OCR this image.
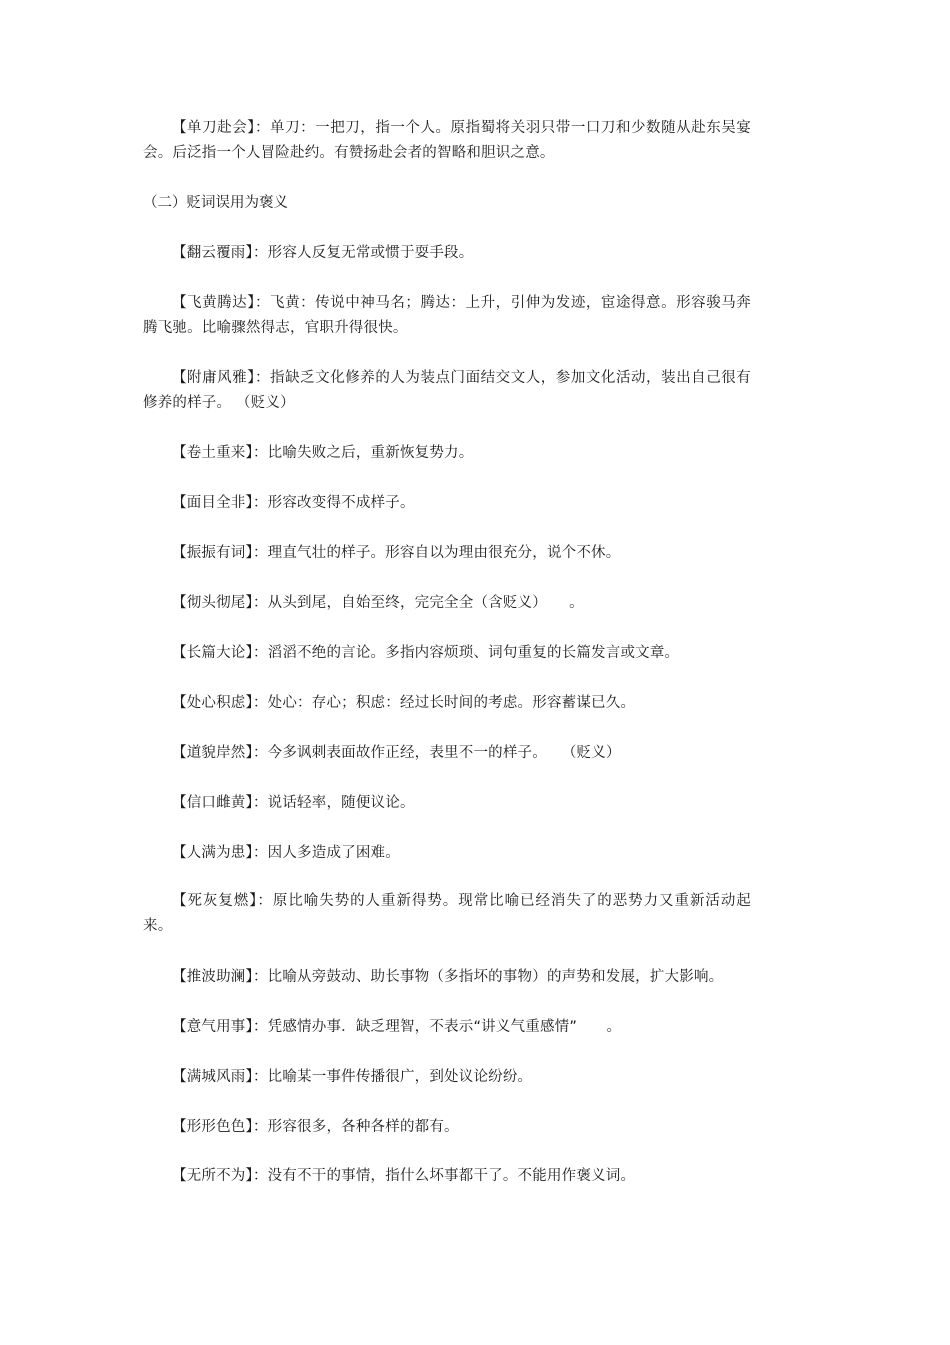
【单刀赴会】：单刀：一把刀，指一个人。原指蜀将关羽只带一口刀和少数随从赴东吴宴会。后泛指一个人冒险赴约。有赞扬赴会者的智略和胆识之意。

（二）贬词误用为褒义

【翻云覆雨】：形容人反复无常或惯于耍手段。

【飞黄腾达】：飞黄：传说中神马名；腾达：上升，引伸为发迹，宦途得意。形容骏马奔腾飞驰。比喻骤然得志，官职升得很快。

【附庸风雅】：指缺乏文化修养的人为装点门面结交文人，参加文化活动，装出自己很有修养的样子。 （贬义）

【卷土重来】：比喻失败之后，重新恢复势力。

【面目全非】：形容改变得不成样子。

【振振有词】：理直气壮的样子。形容自以为理由很充分，说个不休。

【彻头彻尾】：从头到尾，自始至终，完完全全（含贬义）　　。

【长篇大论】：滔滔不绝的言论。多指内容烦琐、词句重复的长篇发言或文章。

【处心积虑】：处心：存心；积虑：经过长时间的考虑。形容蓄谋已久。

【道貌岸然】：今多讽刺表面故作正经，表里不一的样子。　　（贬义）

【信口雌黄】：说话轻率，随便议论。

【人满为患】：因人多造成了困难。

【死灰复燃】：原比喻失势的人重新得势。现常比喻已经消失了的恶势力又重新活动起来。

【推波助澜】：比喻从旁鼓动、助长事物（多指坏的事物）的声势和发展，扩大影响。

【意气用事】：凭感情办事．缺乏理智，不表示“讲义气重感情”　　。

【满城风雨】：比喻某一事件传播很广，到处议论纷纷。

【形形色色】：形容很多，各种各样的都有。

【无所不为】：没有不干的事情，指什么坏事都干了。不能用作褒义词。
